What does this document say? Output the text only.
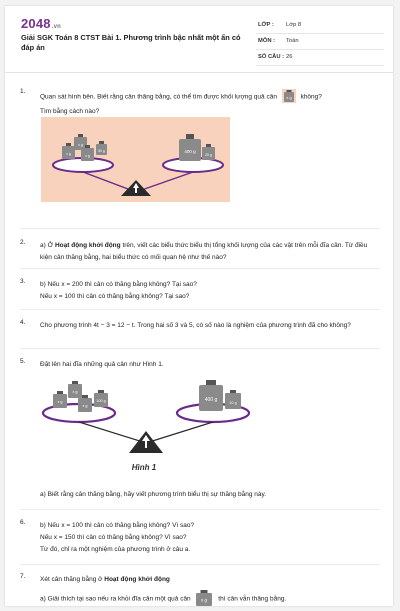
2048.vn
Giải SGK Toán 8 CTST Bài 1. Phương trình bậc nhất một ẩn có đáp án
LỚP : Lớp 8
MÔN : Toán
SỐ CÂU : 26
1.
Quan sát hình bên. Biết rằng cân thăng bằng, có thể tìm được khối lượng quả cân x g không?
Tìm bằng cách nào?
x g
x g
x g
50 g	400 g
20 g
2. a) Ở Hoạt động khởi động trên, viết các biểu thức biểu thị tổng khối lượng của các vật trên mỗi đĩa cân. Từ điều kiện cân thăng bằng, hai biểu thức có mối quan hệ như thế nào?
3. b) Nếu x = 200 thì cân có thăng bằng không? Tại sao?
Nếu x = 100 thì cân có thăng bằng không? Tại sao?
4. Cho phương trình 4t − 3 = 12 − t. Trong hai số 3 và 5, có số nào là nghiệm của phương trình đã cho không?
5. Đặt lên hai đĩa những quả cân như Hình 1.
x g
x g
x g
100 g	400 g	10 g
Hình 1
a) Biết rằng cân thăng bằng, hãy viết phương trình biểu thị sự thăng bằng này.
6. b) Nếu x = 100 thì cân có thăng bằng không? Vì sao?
Nếu x = 150 thì cân có thăng bằng không? Vì sao?
Từ đó, chỉ ra một nghiệm của phương trình ở câu a.
7. Xét cân thăng bằng ở Hoạt động khởi động
a) Giải thích tại sao nếu ra khỏi đĩa cân một quả cân x g thì cân vẫn thăng bằng.
